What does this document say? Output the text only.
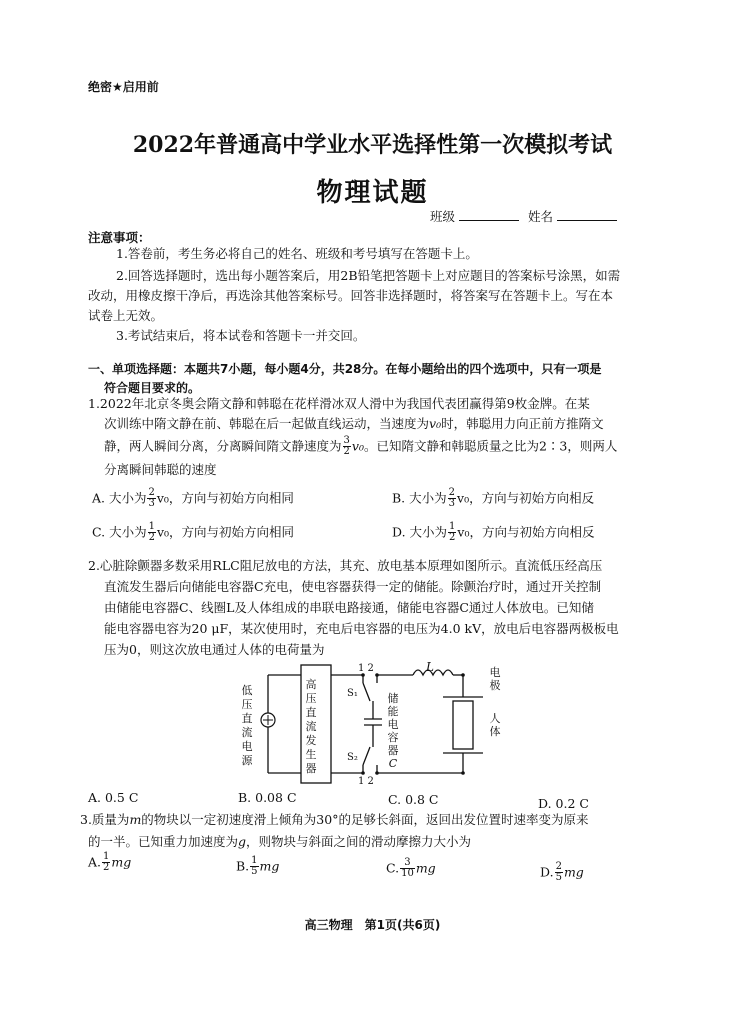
绝密★启用前
2022年普通高中学业水平选择性第一次模拟考试
物理试题
班级	姓名
注意事项：
1.答卷前，考生务必将自己的姓名、班级和考号填写在答题卡上。
2.回答选择题时，选出每小题答案后，用2B铅笔把答题卡上对应题目的答案标号涂黑，如需
改动，用橡皮擦干净后，再选涂其他答案标号。回答非选择题时，将答案写在答题卡上。写在本
试卷上无效。
3.考试结束后，将本试卷和答题卡一并交回。
一、单项选择题：本题共7小题，每小题4分，共28分。在每小题给出的四个选项中，只有一项是
符合题目要求的。
1.2022年北京冬奥会隋文静和韩聪在花样滑冰双人滑中为我国代表团赢得第9枚金牌。在某
次训练中隋文静在前、韩聪在后一起做直线运动，当速度为v₀时，韩聪用力向正前方推隋文
静，两人瞬间分离，分离瞬间隋文静速度为 $\frac{3}{2} v_0$。已知隋文静和韩聪质量之比为2∶3，则两人
分离瞬间韩聪的速度
A. 大小为 $\frac{2}{3} v_0$，方向与初始方向相同	B. 大小为 $\frac{2}{3} v_0$，方向与初始方向相反
C. 大小为 $\frac{1}{2} v_0$，方向与初始方向相同	D. 大小为 $\frac{1}{2} v_0$，方向与初始方向相反
2.心脏除颤器多数采用RLC阻尼放电的方法，其充、放电基本原理如图所示。直流低压经高压
直流发生器后向储能电容器C充电，使电容器获得一定的储能。除颤治疗时，通过开关控制
由储能电容器C、线圈L及人体组成的串联电路接通，储能电容器C通过人体放电。已知储
能电容器电容为20 μF，某次使用时，充电后电容器的电压为4.0 kV，放电后电容器两极板电
压为0，则这次放电通过人体的电荷量为
低
压
直
流
电
源
高
压
直
流
发
生
器
储
能
电
容
器
C
L	电
极
人
体
S₁
S₂
1 2
1 2
A. 0.5 C	B. 0.08 C	C. 0.8 C	D. 0.2 C
3.质量为m的物块以一定初速度滑上倾角为30°的足够长斜面，返回出发位置时速率变为原来
的一半。已知重力加速度为g，则物块与斜面之间的滑动摩擦力大小为
A. $\frac{1}{2}$ mg	B. $\frac{1}{5}$ mg	C. $\frac{3}{10}$ mg	D. $\frac{2}{5}$ mg
高三物理　第1页(共6页)
